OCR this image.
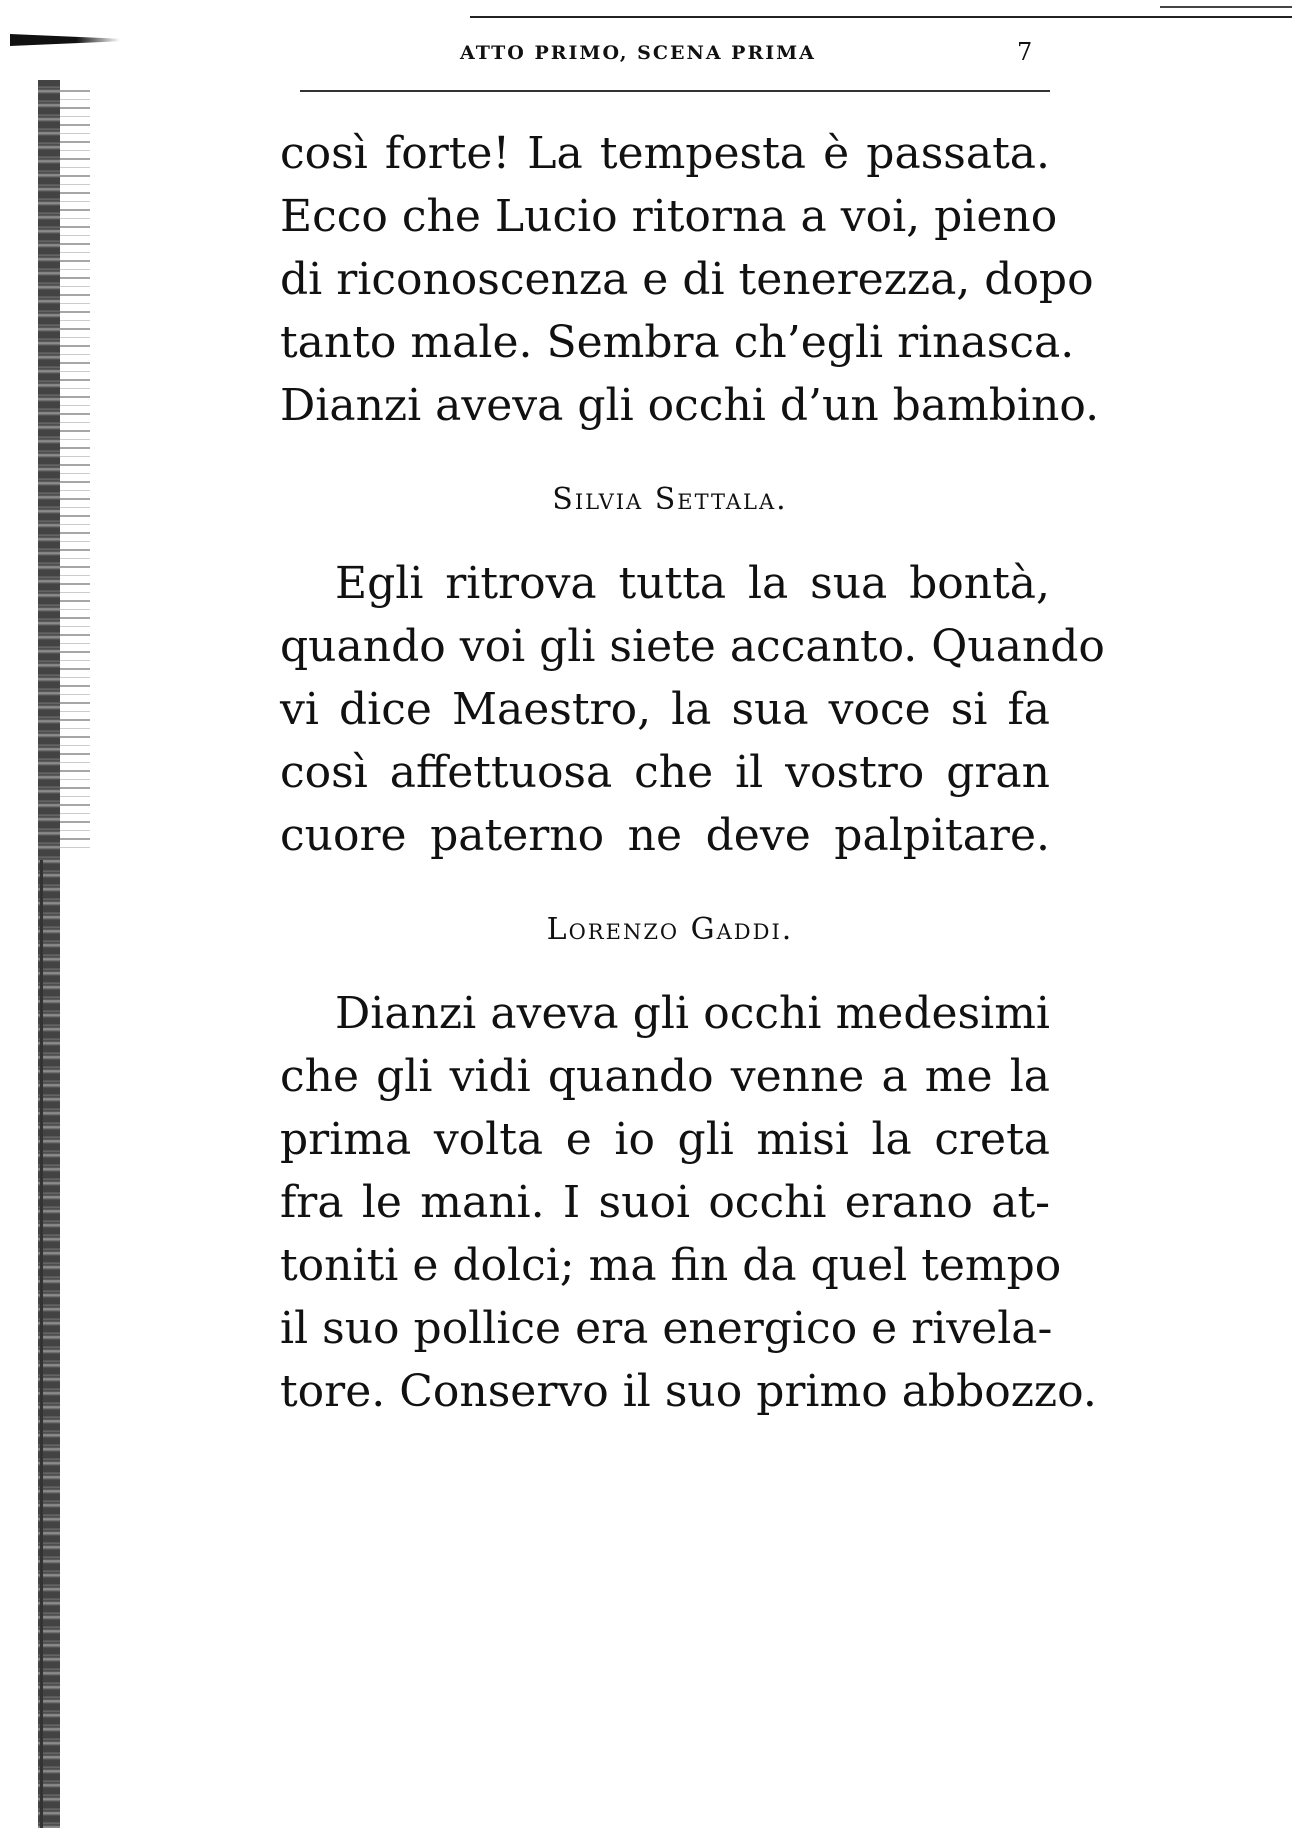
ATTO PRIMO, SCENA PRIMA	7
così forte! La tempesta è passata.
Ecco che Lucio ritorna a voi, pieno
di riconoscenza e di tenerezza, dopo
tanto male. Sembra ch’egli rinasca.
Dianzi aveva gli occhi d’un bambino.
Silvia Settala.
Egli ritrova tutta la sua bontà,
quando voi gli siete accanto. Quando
vi dice Maestro, la sua voce si fa
così affettuosa che il vostro gran
cuore paterno ne deve palpitare.
Lorenzo Gaddi.
Dianzi aveva gli occhi medesimi
che gli vidi quando venne a me la
prima volta e io gli misi la creta
fra le mani. I suoi occhi erano at-
toniti e dolci; ma fin da quel tempo
il suo pollice era energico e rivela-
tore. Conservo il suo primo abbozzo.
